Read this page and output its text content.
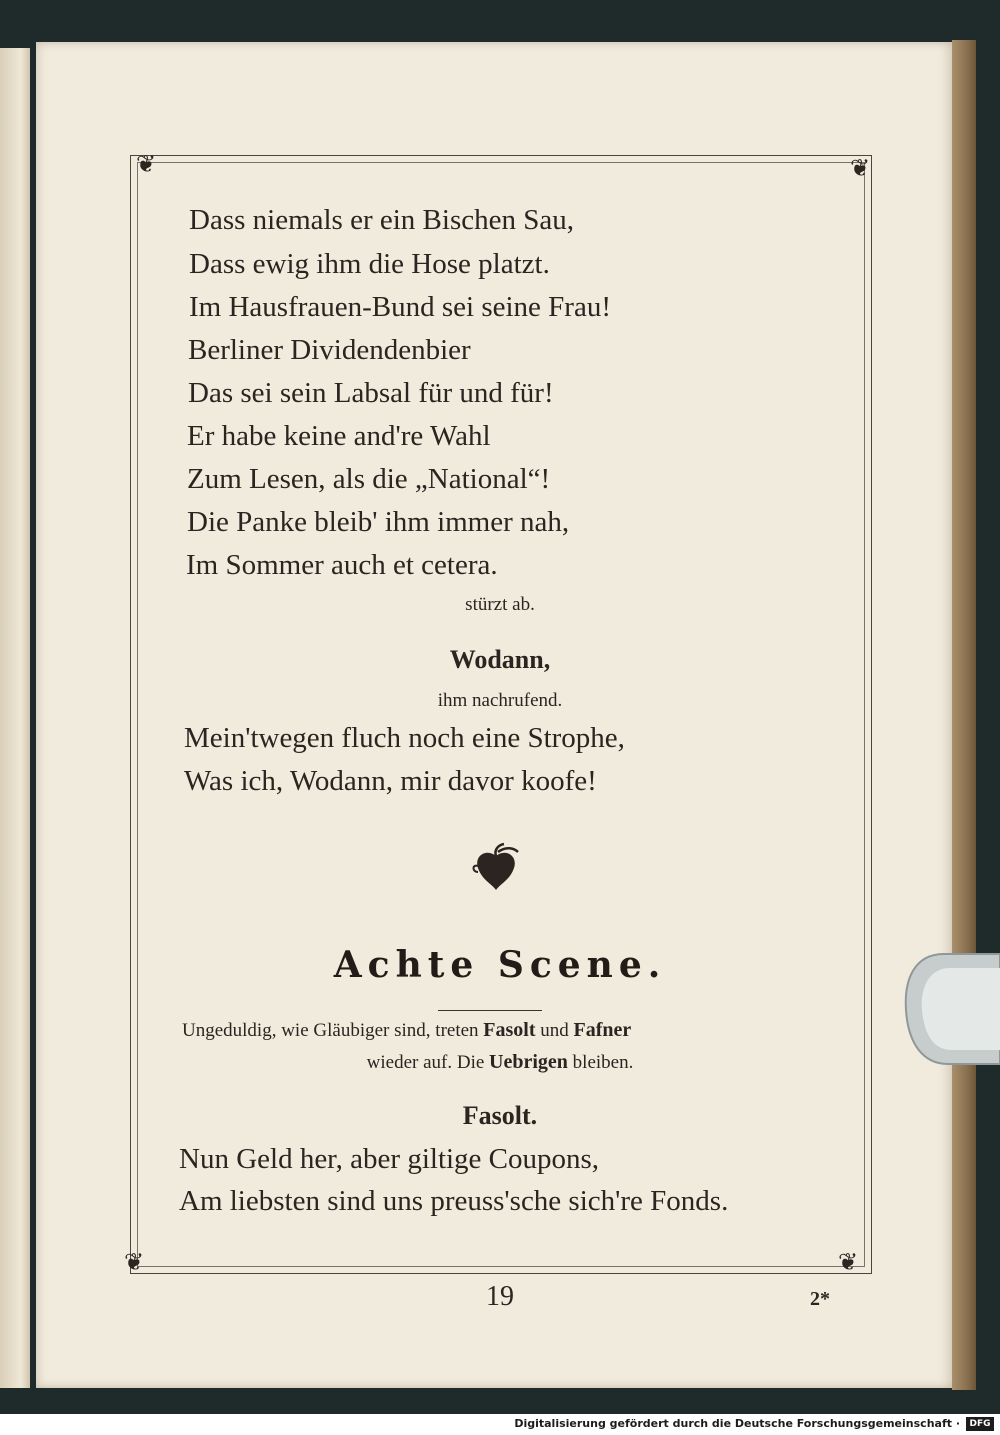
❦	❦
❦	❦
Dass niemals er ein Bischen Sau,
Dass ewig ihm die Hose platzt.
Im Hausfrauen-Bund sei seine Frau!
Berliner Dividendenbier
Das sei sein Labsal für und für!
Er habe keine and're Wahl
Zum Lesen, als die „National“!
Die Panke bleib' ihm immer nah,
Im Sommer auch et cetera.
stürzt ab.
Wodann,
ihm nachrufend.
Mein'twegen fluch noch eine Strophe,
Was ich, Wodann, mir davor koofe!
Achte Scene.
Ungeduldig, wie Gläubiger sind, treten Fasolt und Fafner
wieder auf. Die Uebrigen bleiben.
Fasolt.
Nun Geld her, aber giltige Coupons,
Am liebsten sind uns preuss'sche sich're Fonds.
19	2*
Digitalisierung gefördert durch die Deutsche Forschungsgemeinschaft ·	DFG
